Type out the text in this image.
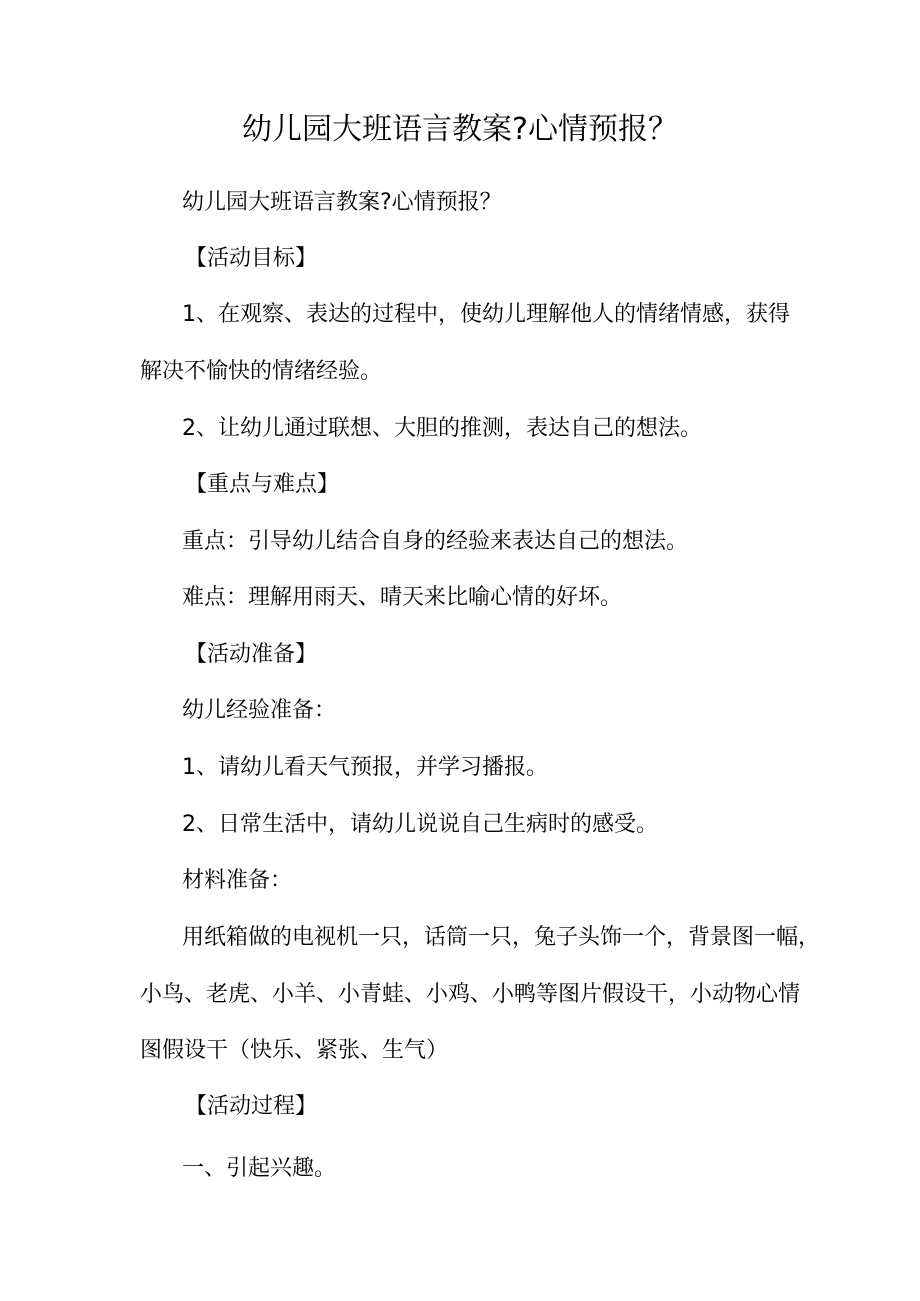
幼儿园大班语言教案?心情预报？
幼儿园大班语言教案?心情预报？
【活动目标】
1、在观察、表达的过程中，使幼儿理解他人的情绪情感，获得
解决不愉快的情绪经验。
2、让幼儿通过联想、大胆的推测，表达自己的想法。
【重点与难点】
重点：引导幼儿结合自身的经验来表达自己的想法。
难点：理解用雨天、晴天来比喻心情的好坏。
【活动准备】
幼儿经验准备：
1、请幼儿看天气预报，并学习播报。
2、日常生活中，请幼儿说说自己生病时的感受。
材料准备：
用纸箱做的电视机一只，话筒一只，兔子头饰一个，背景图一幅，
小鸟、老虎、小羊、小青蛙、小鸡、小鸭等图片假设干，小动物心情
图假设干（快乐、紧张、生气）
【活动过程】
一、引起兴趣。
